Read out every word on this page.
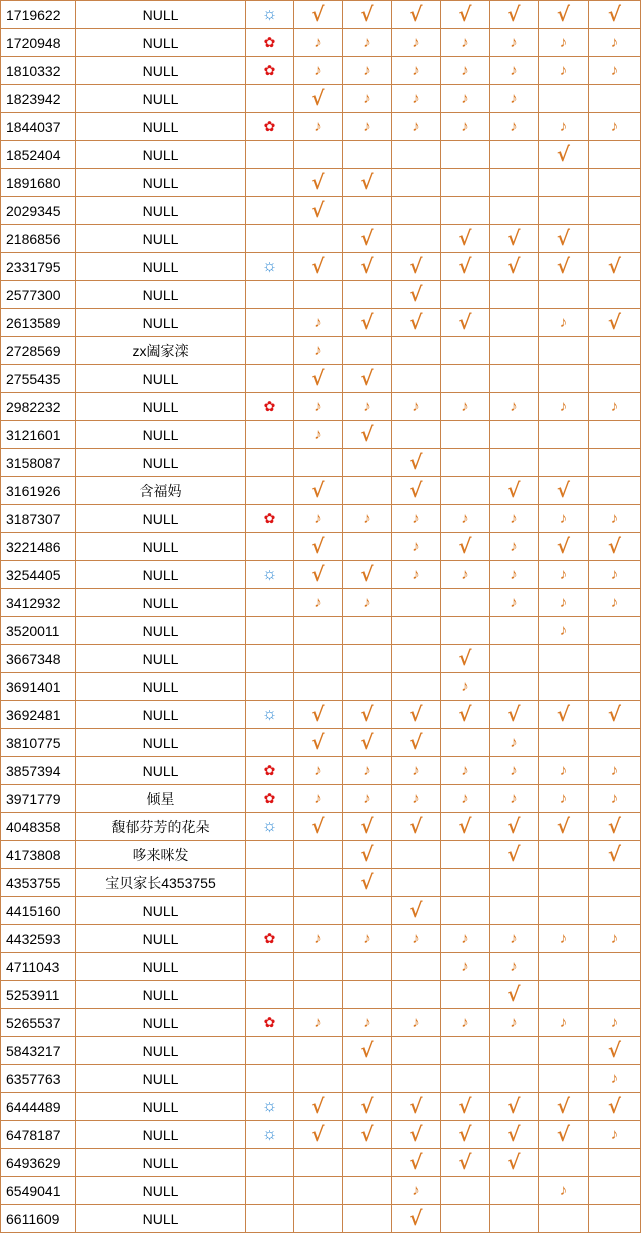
1719622	NULL	☼	√	√	√	√	√	√	√
1720948	NULL	✿	♪	♪	♪	♪	♪	♪	♪
1810332	NULL	✿	♪	♪	♪	♪	♪	♪	♪
1823942	NULL		√	♪	♪	♪	♪		
1844037	NULL	✿	♪	♪	♪	♪	♪	♪	♪
1852404	NULL							√	
1891680	NULL		√	√					
2029345	NULL		√						
2186856	NULL			√		√	√	√	
2331795	NULL	☼	√	√	√	√	√	√	√
2577300	NULL				√				
2613589	NULL		♪	√	√	√		♪	√
2728569	zx阖家滦		♪						
2755435	NULL		√	√					
2982232	NULL	✿	♪	♪	♪	♪	♪	♪	♪
3121601	NULL		♪	√					
3158087	NULL				√				
3161926	含福妈		√		√		√	√	
3187307	NULL	✿	♪	♪	♪	♪	♪	♪	♪
3221486	NULL		√		♪	√	♪	√	√
3254405	NULL	☼	√	√	♪	♪	♪	♪	♪
3412932	NULL		♪	♪			♪	♪	♪
3520011	NULL							♪	
3667348	NULL					√			
3691401	NULL					♪			
3692481	NULL	☼	√	√	√	√	√	√	√
3810775	NULL		√	√	√		♪		
3857394	NULL	✿	♪	♪	♪	♪	♪	♪	♪
3971779	倾星	✿	♪	♪	♪	♪	♪	♪	♪
4048358	馥郁芬芳的花朵	☼	√	√	√	√	√	√	√
4173808	哆来咪发			√			√		√
4353755	宝贝家长4353755			√					
4415160	NULL				√				
4432593	NULL	✿	♪	♪	♪	♪	♪	♪	♪
4711043	NULL					♪	♪		
5253911	NULL						√		
5265537	NULL	✿	♪	♪	♪	♪	♪	♪	♪
5843217	NULL			√					√
6357763	NULL								♪
6444489	NULL	☼	√	√	√	√	√	√	√
6478187	NULL	☼	√	√	√	√	√	√	♪
6493629	NULL				√	√	√		
6549041	NULL				♪			♪	
6611609	NULL				√				
